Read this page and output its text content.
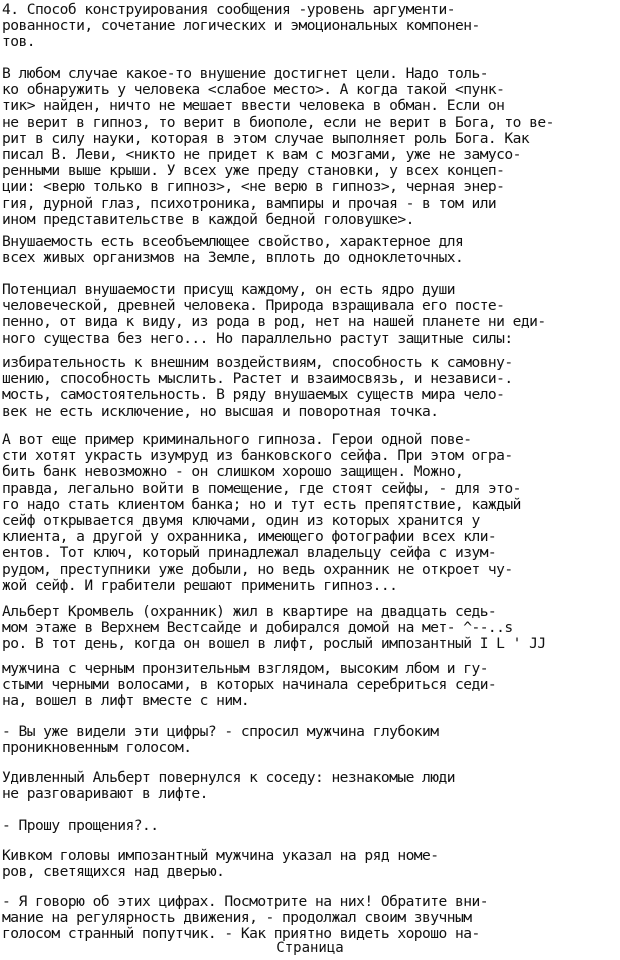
4. Способ конструирования сообщения -уровень аргументи-
рованности, сочетание логических и эмоциональных компонен-
тов.
В любом случае какое-то внушение достигнет цели. Надо толь-
ко обнаружить у человека <слабое место>. А когда такой <пунк-
тик> найден, ничто не мешает ввести человека в обман. Если он
не верит в гипноз, то верит в биополе, если не верит в Бога, то ве-
рит в силу науки, которая в этом случае выполняет роль Бога. Как
писал В. Леви, <никто не придет к вам с мозгами, уже не замусо-
ренными выше крыши. У всех уже преду становки, у всех концеп-
ции: <верю только в гипноз>, <не верю в гипноз>, черная энер-
гия, дурной глаз, психотроника, вампиры и прочая - в том или
ином представительстве в каждой бедной головушке>.
Внушаемость есть всеобъемлющее свойство, характерное для
всех живых организмов на Земле, вплоть до одноклеточных.
Потенциал внушаемости присущ каждому, он есть ядро души
человеческой, древней человека. Природа взращивала его посте-
пенно, от вида к виду, из рода в род, нет на нашей планете ни еди-
ного существа без него... Но параллельно растут защитные силы:
избирательность к внешним воздействиям, способность к самовну-
шению, способность мыслить. Растет и взаимосвязь, и независи-.
мость, самостоятельность. В ряду внушаемых существ мира чело-
век не есть исключение, но высшая и поворотная точка.
А вот еще пример криминального гипноза. Герои одной пове-
сти хотят украсть изумруд из банковского сейфа. При этом огра-
бить банк невозможно - он слишком хорошо защищен. Можно,
правда, легально войти в помещение, где стоят сейфы, - для это-
го надо стать клиентом банка; но и тут есть препятствие, каждый
сейф открывается двумя ключами, один из которых хранится у
клиента, а другой у охранника, имеющего фотографии всех кли-
ентов. Тот ключ, который принадлежал владельцу сейфа с изум-
рудом, преступники уже добыли, но ведь охранник не откроет чу-
жой сейф. И грабители решают применить гипноз...
Альберт Кромвель (охранник) жил в квартире на двадцать седь-
мом этаже в Верхнем Вестсайде и добирался домой на мет- ^--..s
ро. В тот день, когда он вошел в лифт, рослый импозантный I L ' JJ
мужчина с черным пронзительным взглядом, высоким лбом и гу-
стыми черными волосами, в которых начинала серебриться седи-
на, вошел в лифт вместе с ним.
- Вы уже видели эти цифры? - спросил мужчина глубоким
проникновенным голосом.
Удивленный Альберт повернулся к соседу: незнакомые люди
не разговаривают в лифте.
- Прошу прощения?..
Кивком головы импозантный мужчина указал на ряд номе-
ров, светящихся над дверью.
- Я говорю об этих цифрах. Посмотрите на них! Обратите вни-
мание на регулярность движения, - продолжал своим звучным
голосом странный попутчик. - Как приятно видеть хорошо на-
Страница
